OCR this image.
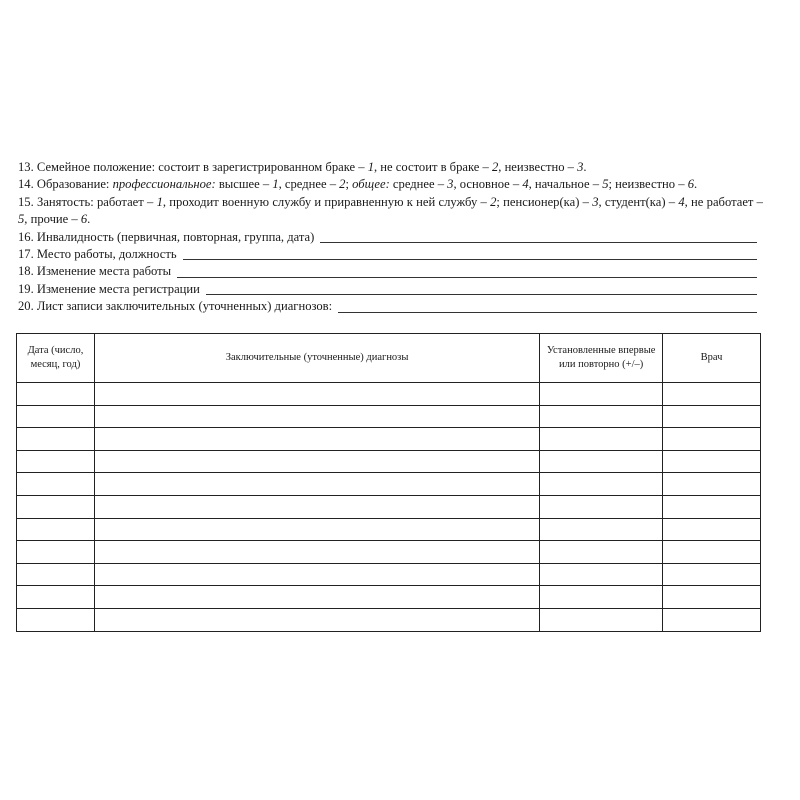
13. Семейное положение: состоит в зарегистрированном браке – 1, не состоит в браке – 2, неизвестно – 3.
14. Образование: профессиональное: высшее – 1, среднее – 2; общее: среднее – 3, основное – 4, начальное – 5; неизвестно – 6.
15. Занятость: работает – 1, проходит военную службу и приравненную к ней службу – 2; пенсионер(ка) – 3, студент(ка) – 4, не работает – 5, прочие – 6.
16. Инвалидность (первичная, повторная, группа, дата)
17. Место работы, должность
18. Изменение места работы
19. Изменение места регистрации
20. Лист записи заключительных (уточненных) диагнозов:
Дата (число, месяц, год)	Заключительные (уточненные) диагнозы	Установленные впервые или повторно (+/–)	Врач
